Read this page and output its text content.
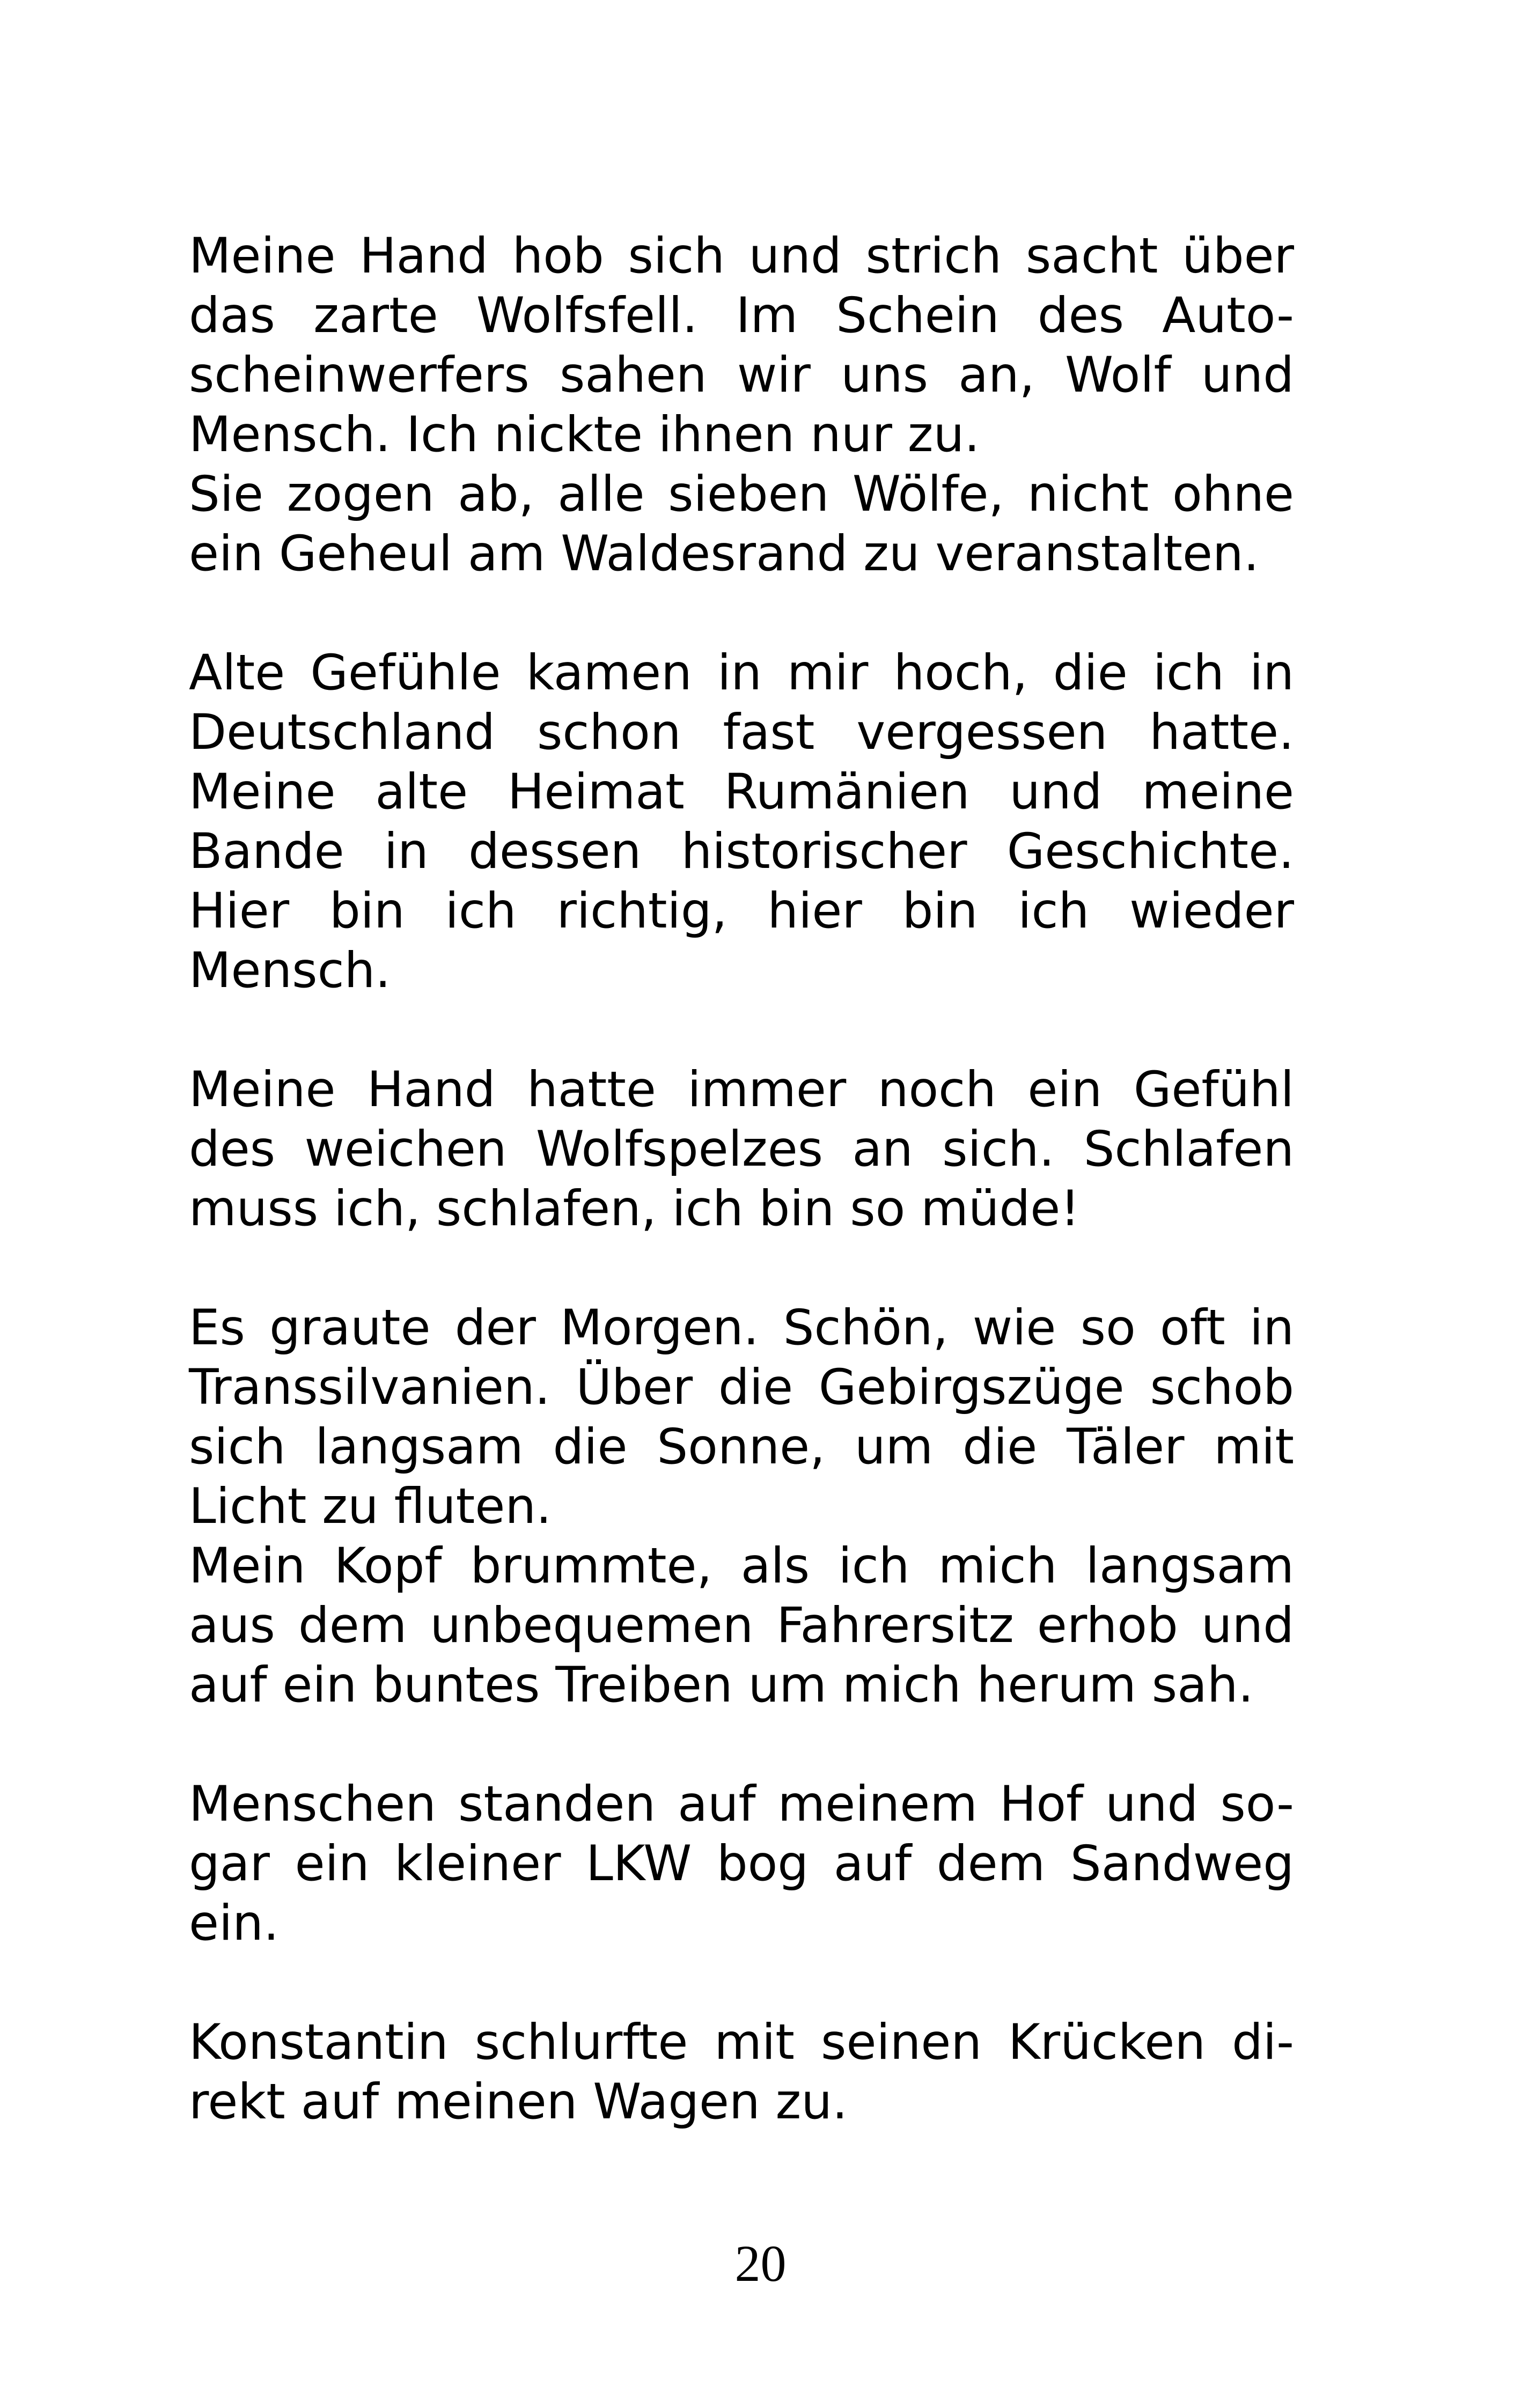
Meine Hand hob sich und strich sacht über
das zarte Wolfsfell. Im Schein des Auto-
scheinwerfers sahen wir uns an, Wolf und
Mensch. Ich nickte ihnen nur zu.
Sie zogen ab, alle sieben Wölfe, nicht ohne
ein Geheul am Waldesrand zu veranstalten.

Alte Gefühle kamen in mir hoch, die ich in
Deutschland schon fast vergessen hatte.
Meine alte Heimat Rumänien und meine
Bande in dessen historischer Geschichte.
Hier bin ich richtig, hier bin ich wieder
Mensch.

Meine Hand hatte immer noch ein Gefühl
des weichen Wolfspelzes an sich. Schlafen
muss ich, schlafen, ich bin so müde!

Es graute der Morgen. Schön, wie so oft in
Transsilvanien. Über die Gebirgszüge schob
sich langsam die Sonne, um die Täler mit
Licht zu fluten.
Mein Kopf brummte, als ich mich langsam
aus dem unbequemen Fahrersitz erhob und
auf ein buntes Treiben um mich herum sah.

Menschen standen auf meinem Hof und so-
gar ein kleiner LKW bog auf dem Sandweg
ein.

Konstantin schlurfte mit seinen Krücken di-
rekt auf meinen Wagen zu.

20
